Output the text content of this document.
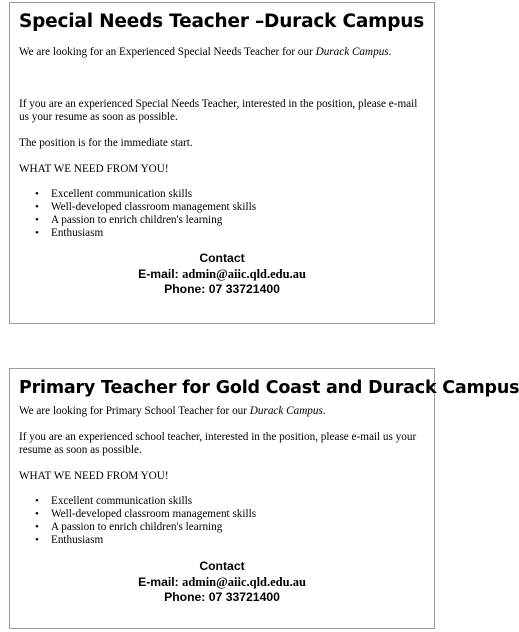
Special Needs Teacher –Durack Campus

We are looking for an Experienced Special Needs Teacher for our Durack Campus.

If you are an experienced Special Needs Teacher, interested in the position, please e-mail us your resume as soon as possible.

The position is for the immediate start.

WHAT WE NEED FROM YOU!

• Excellent communication skills
• Well-developed classroom management skills
• A passion to enrich children's learning
• Enthusiasm
Contact
E-mail: admin@aiic.qld.edu.au
Phone: 07 33721400
Primary Teacher for Gold Coast and Durack Campus

We are looking for Primary School Teacher for our Durack Campus.

If you are an experienced school teacher, interested in the position, please e-mail us your resume as soon as possible.

WHAT WE NEED FROM YOU!

• Excellent communication skills
• Well-developed classroom management skills
• A passion to enrich children's learning
• Enthusiasm
Contact
E-mail: admin@aiic.qld.edu.au
Phone: 07 33721400
